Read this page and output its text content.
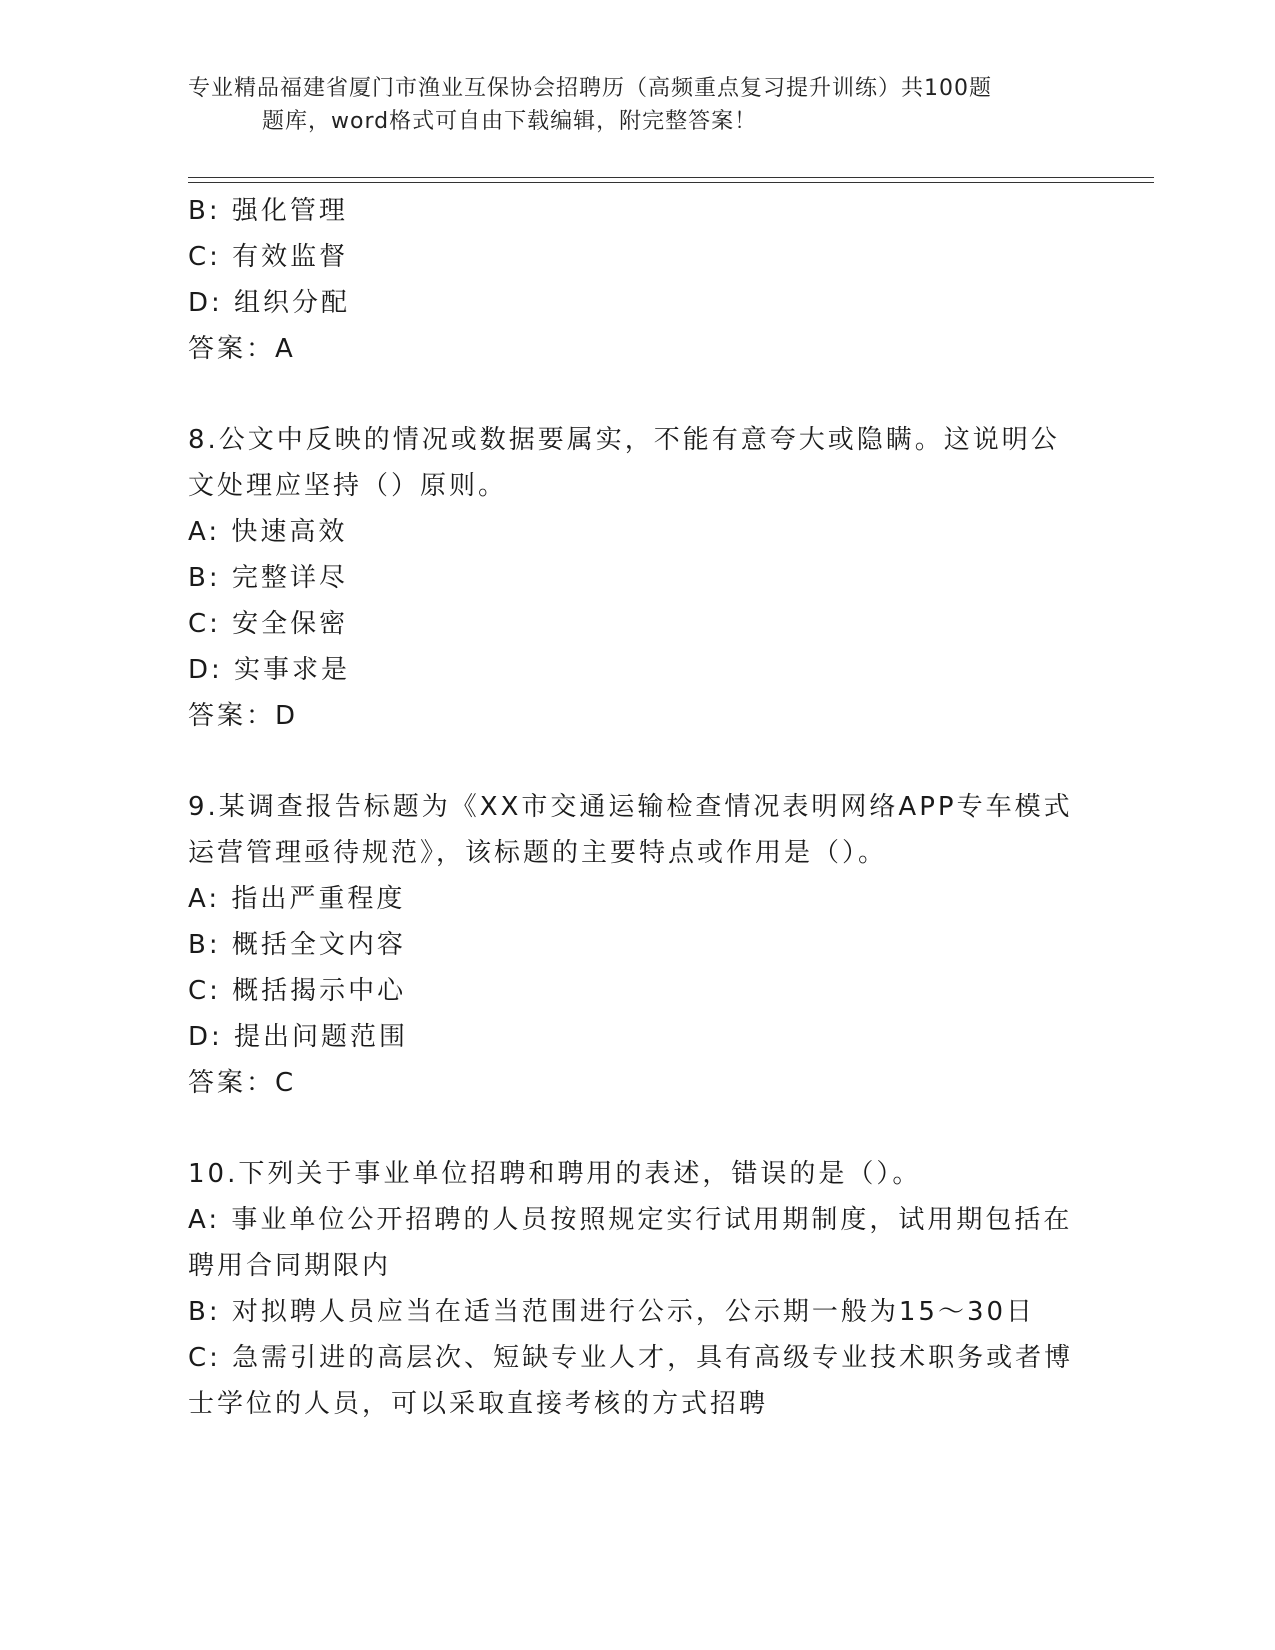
专业精品福建省厦门市渔业互保协会招聘历（高频重点复习提升训练）共100题
题库，word格式可自由下载编辑，附完整答案！
B: 强化管理
C: 有效监督
D: 组织分配
答案：A
8.公文中反映的情况或数据要属实，不能有意夸大或隐瞒。这说明公
文处理应坚持（）原则。
A: 快速高效
B: 完整详尽
C: 安全保密
D: 实事求是
答案：D
9.某调查报告标题为《XX市交通运输检查情况表明网络APP专车模式
运营管理亟待规范》，该标题的主要特点或作用是（）。
A: 指出严重程度
B: 概括全文内容
C: 概括揭示中心
D: 提出问题范围
答案：C
10.下列关于事业单位招聘和聘用的表述，错误的是（）。
A: 事业单位公开招聘的人员按照规定实行试用期制度，试用期包括在
聘用合同期限内
B: 对拟聘人员应当在适当范围进行公示，公示期一般为15～30日
C: 急需引进的高层次、短缺专业人才，具有高级专业技术职务或者博
士学位的人员，可以采取直接考核的方式招聘
